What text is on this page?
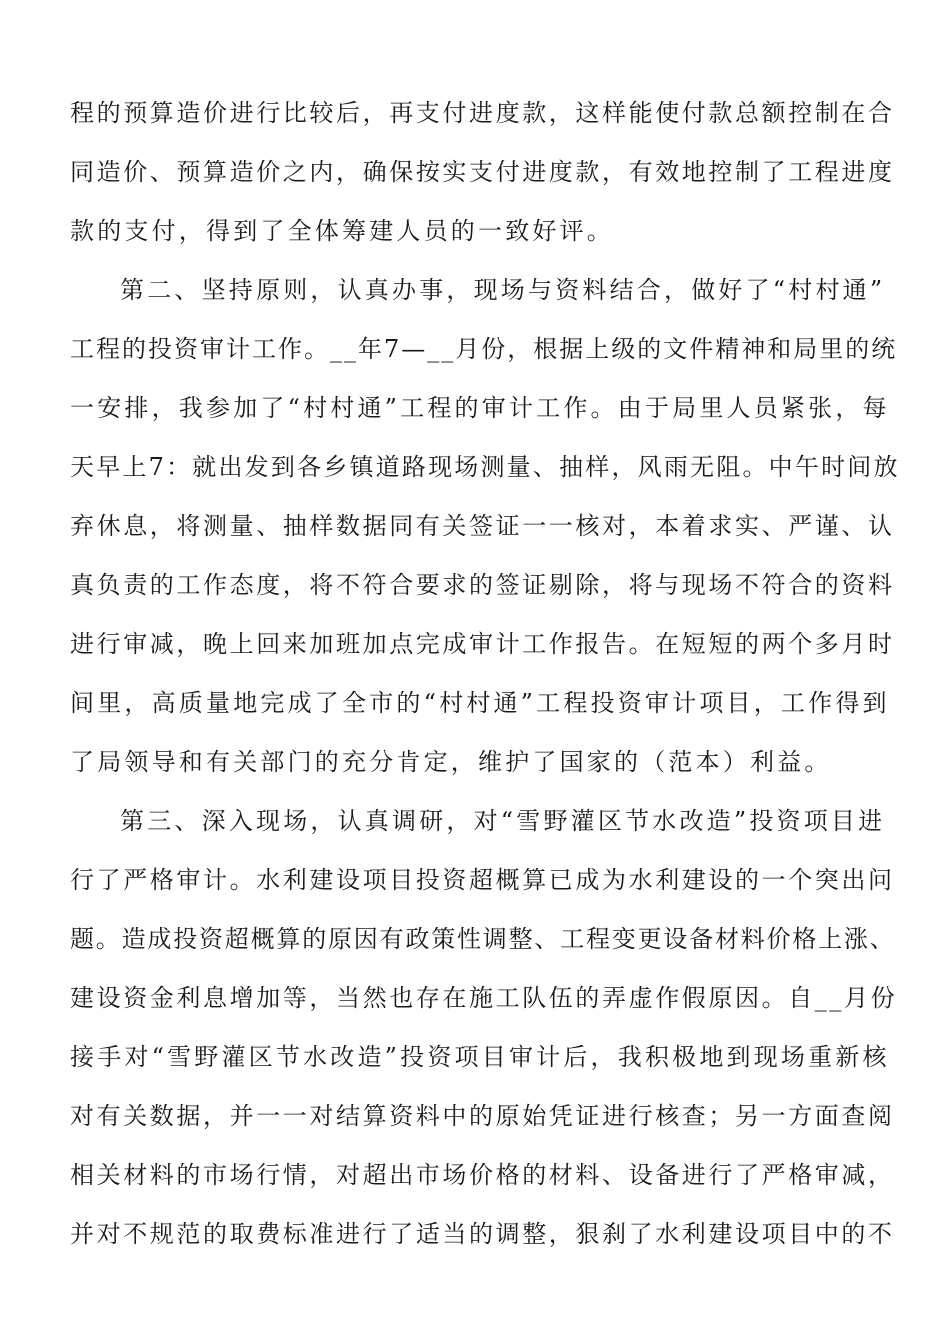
程的预算造价进行比较后，再支付进度款，这样能使付款总额控制在合
同造价、预算造价之内，确保按实支付进度款，有效地控制了工程进度
款的支付，得到了全体筹建人员的一致好评。
第二、坚持原则，认真办事，现场与资料结合，做好了“村村通”
工程的投资审计工作。__年7—__月份，根据上级的文件精神和局里的统
一安排，我参加了“村村通”工程的审计工作。由于局里人员紧张，每
天早上7：就出发到各乡镇道路现场测量、抽样，风雨无阻。中午时间放
弃休息，将测量、抽样数据同有关签证一一核对，本着求实、严谨、认
真负责的工作态度，将不符合要求的签证剔除，将与现场不符合的资料
进行审减，晚上回来加班加点完成审计工作报告。在短短的两个多月时
间里，高质量地完成了全市的“村村通”工程投资审计项目，工作得到
了局领导和有关部门的充分肯定，维护了国家的（范本）利益。
第三、深入现场，认真调研，对“雪野灌区节水改造”投资项目进
行了严格审计。水利建设项目投资超概算已成为水利建设的一个突出问
题。造成投资超概算的原因有政策性调整、工程变更设备材料价格上涨、
建设资金利息增加等，当然也存在施工队伍的弄虚作假原因。自__月份
接手对“雪野灌区节水改造”投资项目审计后，我积极地到现场重新核
对有关数据，并一一对结算资料中的原始凭证进行核查；另一方面查阅
相关材料的市场行情，对超出市场价格的材料、设备进行了严格审减，
并对不规范的取费标准进行了适当的调整，狠刹了水利建设项目中的不
